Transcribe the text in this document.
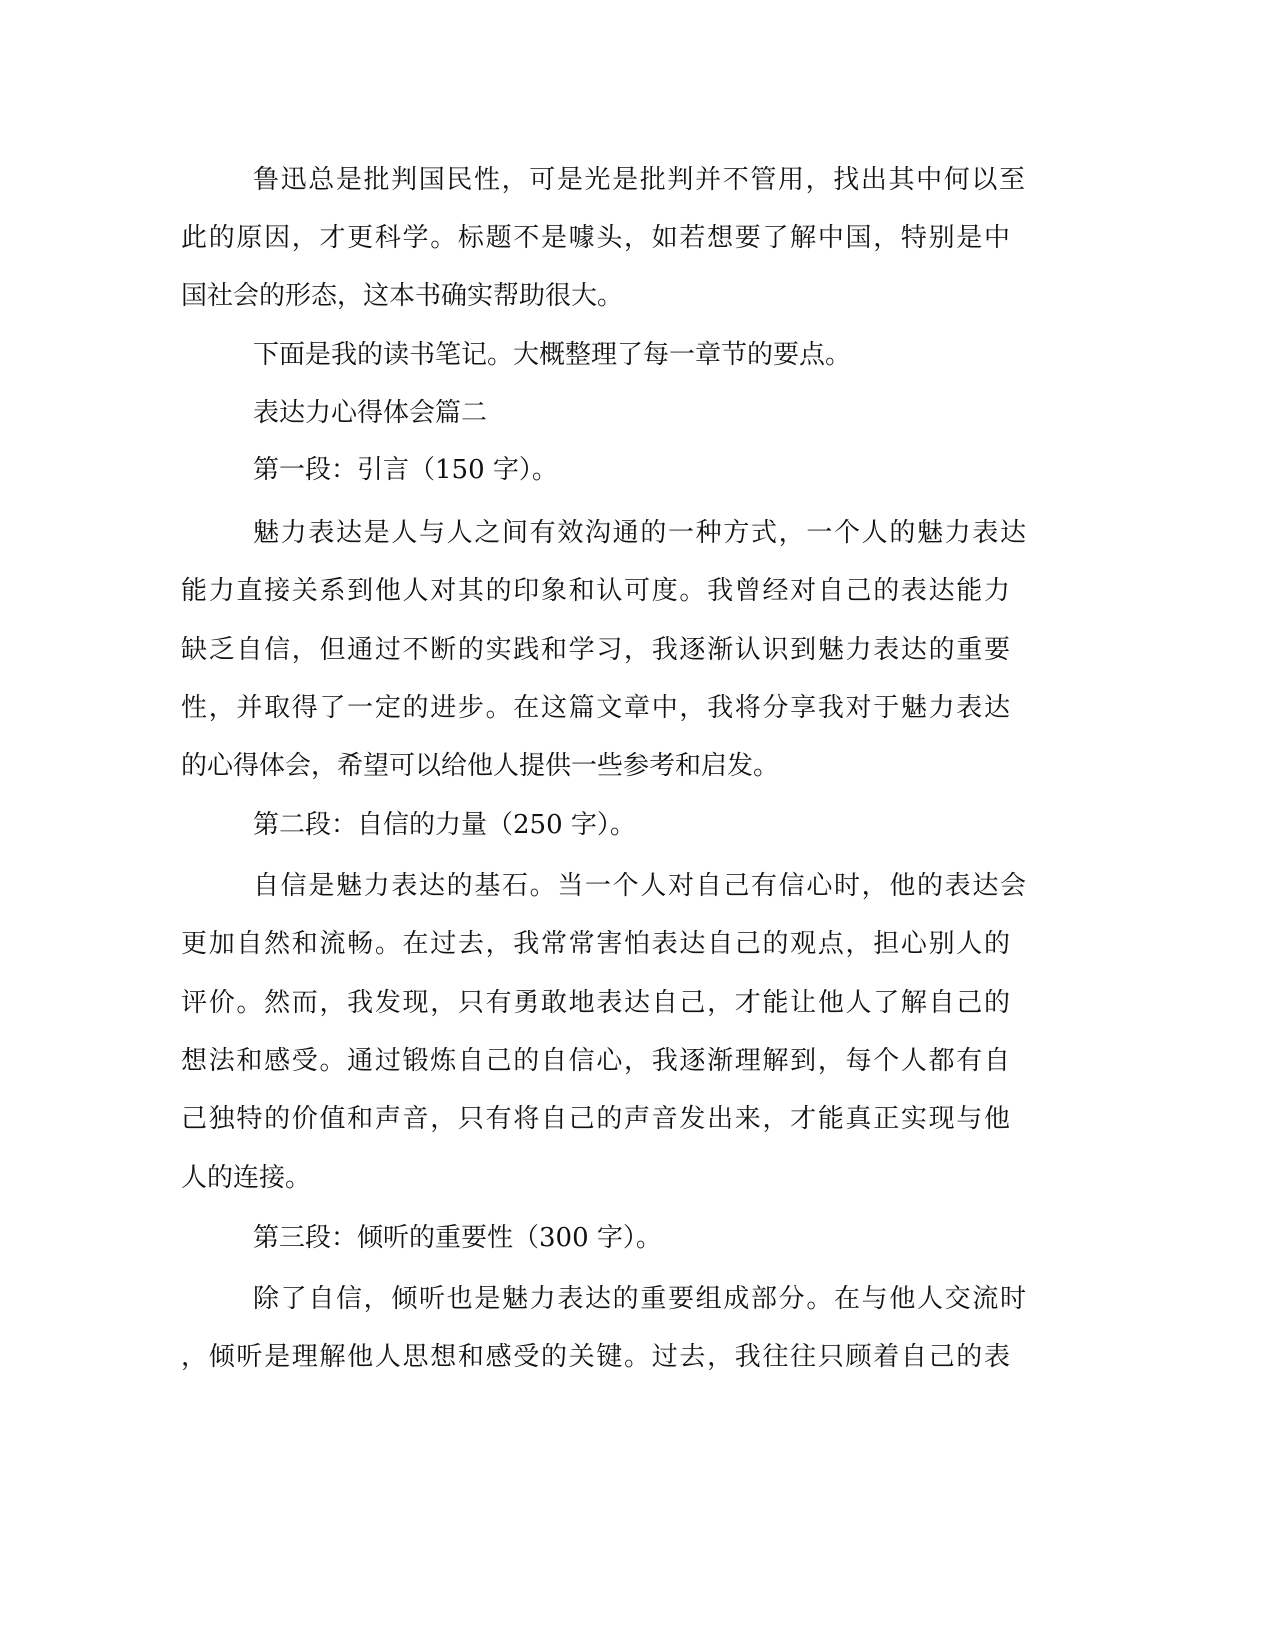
鲁迅总是批判国民性，可是光是批判并不管用，找出其中何以至
此的原因，才更科学。标题不是噱头，如若想要了解中国，特别是中
国社会的形态，这本书确实帮助很大。
下面是我的读书笔记。大概整理了每一章节的要点。
表达力心得体会篇二
第一段：引言（150 字）。
魅力表达是人与人之间有效沟通的一种方式，一个人的魅力表达
能力直接关系到他人对其的印象和认可度。我曾经对自己的表达能力
缺乏自信，但通过不断的实践和学习，我逐渐认识到魅力表达的重要
性，并取得了一定的进步。在这篇文章中，我将分享我对于魅力表达
的心得体会，希望可以给他人提供一些参考和启发。
第二段：自信的力量（250 字）。
自信是魅力表达的基石。当一个人对自己有信心时，他的表达会
更加自然和流畅。在过去，我常常害怕表达自己的观点，担心别人的
评价。然而，我发现，只有勇敢地表达自己，才能让他人了解自己的
想法和感受。通过锻炼自己的自信心，我逐渐理解到，每个人都有自
己独特的价值和声音，只有将自己的声音发出来，才能真正实现与他
人的连接。
第三段：倾听的重要性（300 字）。
除了自信，倾听也是魅力表达的重要组成部分。在与他人交流时
，倾听是理解他人思想和感受的关键。过去，我往往只顾着自己的表
